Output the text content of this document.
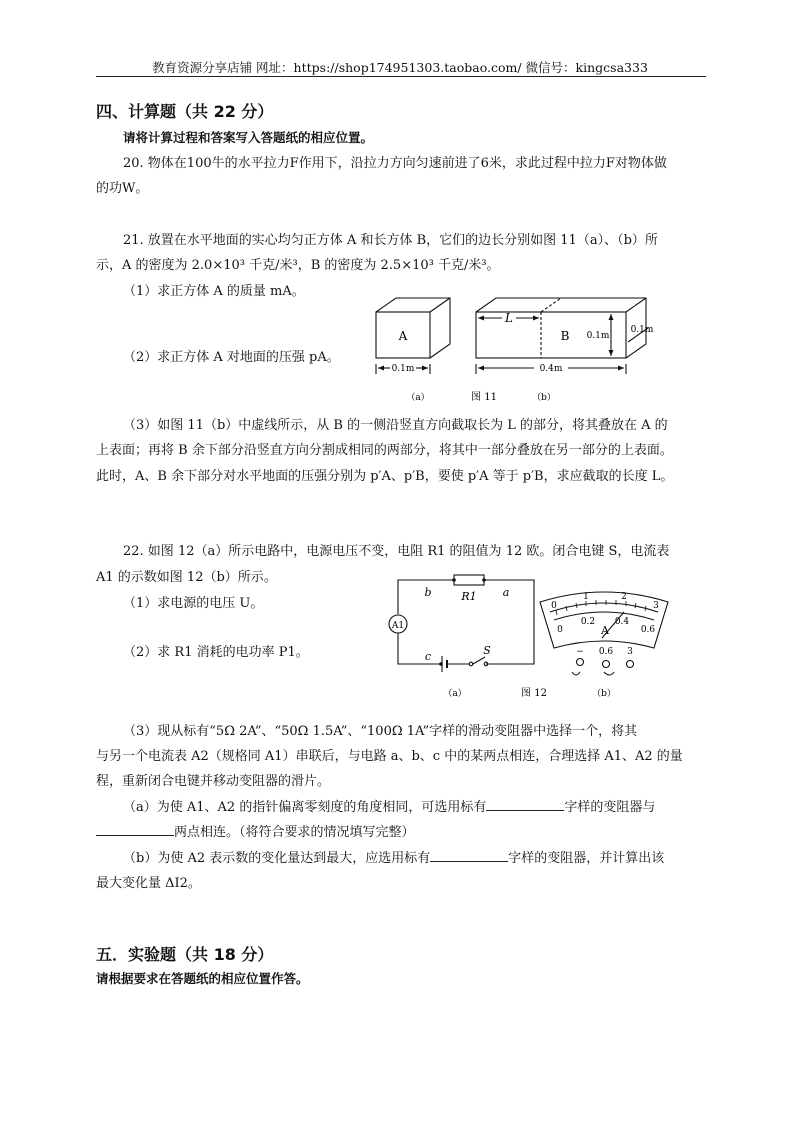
教育资源分享店铺 网址：https://shop174951303.taobao.com/ 微信号：kingcsa333
四、计算题（共 22 分）
请将计算过程和答案写入答题纸的相应位置。
20. 物体在100牛的水平拉力F作用下，沿拉力方向匀速前进了6米，求此过程中拉力F对物体做
的功W。
21. 放置在水平地面的实心均匀正方体 A 和长方体 B，它们的边长分别如图 11（a）、（b）所
示，A 的密度为 2.0×10³ 千克/米³，B 的密度为 2.5×10³ 千克/米³。
（1）求正方体 A 的质量 mA。
（2）求正方体 A 对地面的压强 pA。
A	B
L
0.1m
0.1m
0.1m	0.4m
（a）	图 11	（b）
（3）如图 11（b）中虚线所示，从 B 的一侧沿竖直方向截取长为 L 的部分，将其叠放在 A 的
上表面；再将 B 余下部分沿竖直方向分割成相同的两部分，将其中一部分叠放在另一部分的上表面。
此时，A、B 余下部分对水平地面的压强分别为 p′A、p′B，要使 p′A 等于 p′B，求应截取的长度 L。
22. 如图 12（a）所示电路中，电源电压不变，电阻 R1 的阻值为 12 欧。闭合电键 S，电流表
A1 的示数如图 12（b）所示。
（1）求电源的电压 U。
（2）求 R1 消耗的电功率 P1。
b	a
R1
A1
c	S
0
1	2
3
0
0.2 0.4
0.6
A
− 0.6 3
（a）	图 12	（b）
（3）现从标有“5Ω 2A”、“50Ω 1.5A”、“100Ω 1A”字样的滑动变阻器中选择一个，将其
与另一个电流表 A2（规格同 A1）串联后，与电路 a、b、c 中的某两点相连，合理选择 A1、A2 的量
程，重新闭合电键并移动变阻器的滑片。
（a）为使 A1、A2 的指针偏离零刻度的角度相同，可选用标有	字样的变阻器与
两点相连。（将符合要求的情况填写完整）
（b）为使 A2 表示数的变化量达到最大，应选用标有	字样的变阻器，并计算出该
最大变化量 ΔI2。
五．实验题（共 18 分）
请根据要求在答题纸的相应位置作答。
